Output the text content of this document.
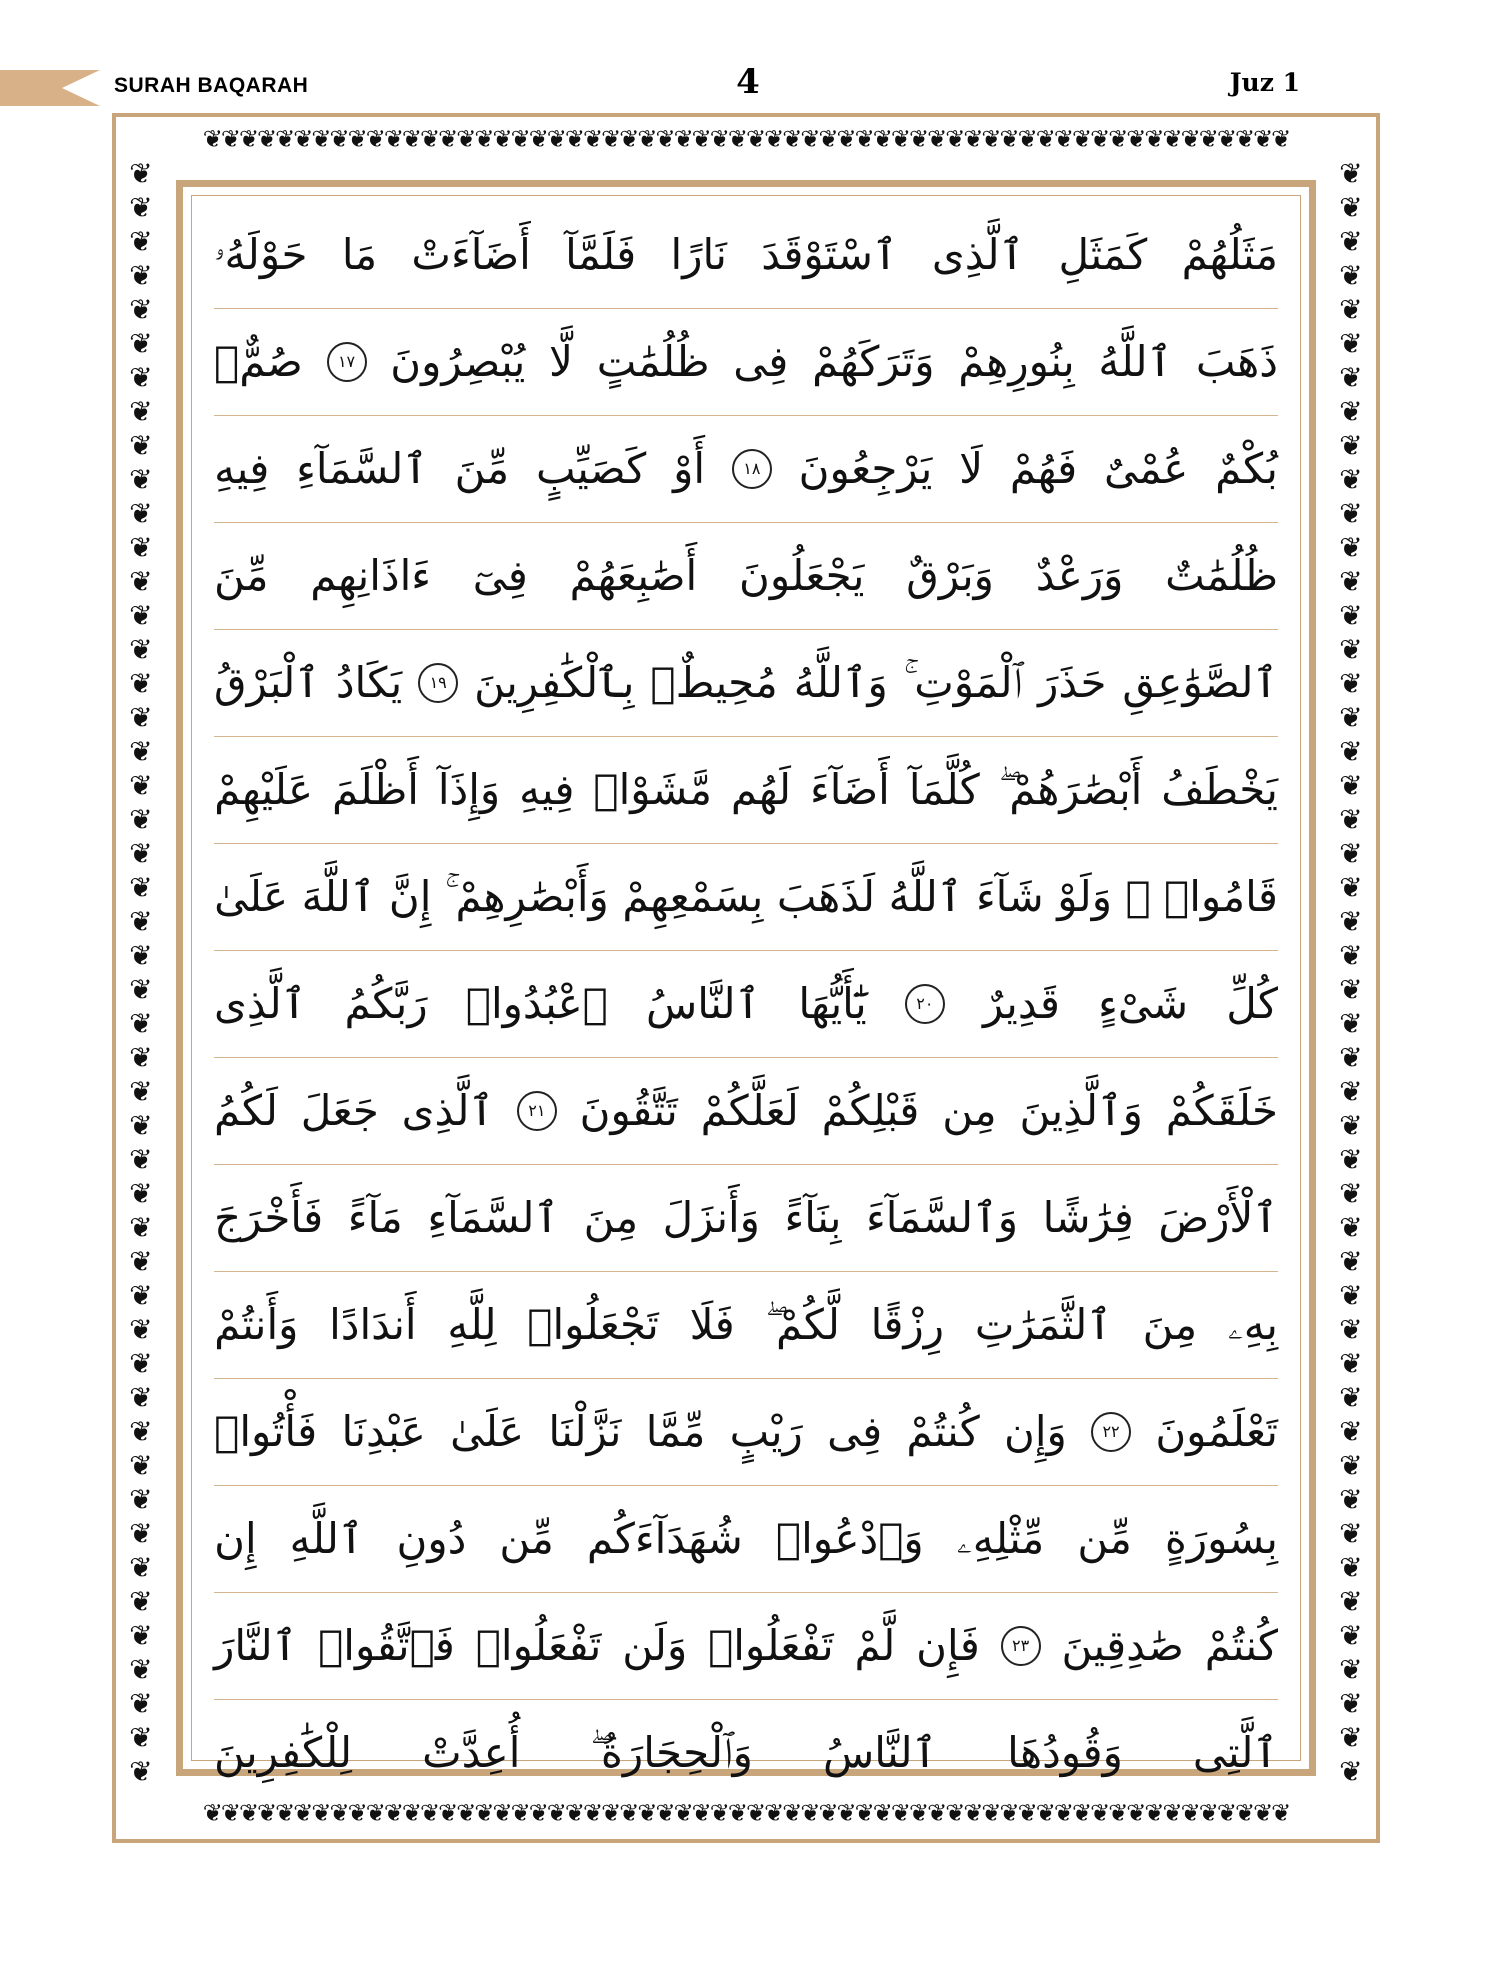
SURAH BAQARAH	4	Juz 1
❦❦❦❦❦❦❦❦❦❦❦❦❦❦❦❦❦❦❦❦❦❦❦❦❦❦❦❦❦❦❦❦❦❦❦❦❦❦❦❦❦❦❦❦❦❦❦❦❦❦❦❦❦❦❦❦❦❦❦❦
❦❦❦❦❦❦❦❦❦❦❦❦❦❦❦❦❦❦❦❦❦❦❦❦❦❦❦❦❦❦❦❦❦❦❦❦❦❦❦❦❦❦❦❦❦❦❦❦❦❦❦❦❦❦❦❦❦❦❦❦
❦❦❦❦❦❦❦❦❦❦❦❦❦❦❦❦❦❦❦❦❦❦❦❦❦❦❦❦❦❦❦❦❦❦❦❦❦❦❦❦❦❦❦❦❦❦❦❦
❦❦❦❦❦❦❦❦❦❦❦❦❦❦❦❦❦❦❦❦❦❦❦❦❦❦❦❦❦❦❦❦❦❦❦❦❦❦❦❦❦❦❦❦❦❦❦❦
مَثَلُهُمْ
كَمَثَلِ
ٱلَّذِى
ٱسْتَوْقَدَ
نَارًا
فَلَمَّآ
أَضَآءَتْ
مَا
حَوْلَهُۥ
ذَهَبَ
ٱللَّهُ
بِنُورِهِمْ
وَتَرَكَهُمْ
فِى
ظُلُمَٰتٍ
لَّا
يُبْصِرُونَ
١٧
صُمٌّۢ
بُكْمٌ
عُمْىٌ
فَهُمْ
لَا
يَرْجِعُونَ
١٨
أَوْ
كَصَيِّبٍ
مِّنَ
ٱلسَّمَآءِ
فِيهِ
ظُلُمَٰتٌ
وَرَعْدٌ
وَبَرْقٌ
يَجْعَلُونَ
أَصَٰبِعَهُمْ
فِىٓ
ءَاذَانِهِم
مِّنَ
ٱلصَّوَٰعِقِ
حَذَرَ
ٱلْمَوْتِ ۚ
وَٱللَّهُ
مُحِيطٌۢ
بِٱلْكَٰفِرِينَ
١٩
يَكَادُ
ٱلْبَرْقُ
يَخْطَفُ
أَبْصَٰرَهُمْ ۖ
كُلَّمَآ
أَضَآءَ
لَهُم
مَّشَوْا۟
فِيهِ
وَإِذَآ
أَظْلَمَ
عَلَيْهِمْ
قَامُوا۟ ۚ
وَلَوْ
شَآءَ
ٱللَّهُ
لَذَهَبَ
بِسَمْعِهِمْ
وَأَبْصَٰرِهِمْ ۚ
إِنَّ
ٱللَّهَ
عَلَىٰ
كُلِّ
شَىْءٍ
قَدِيرٌ
٢٠
يَٰٓأَيُّهَا
ٱلنَّاسُ
ٱعْبُدُوا۟
رَبَّكُمُ
ٱلَّذِى
خَلَقَكُمْ
وَٱلَّذِينَ
مِن
قَبْلِكُمْ
لَعَلَّكُمْ
تَتَّقُونَ
٢١
ٱلَّذِى
جَعَلَ
لَكُمُ
ٱلْأَرْضَ
فِرَٰشًا
وَٱلسَّمَآءَ
بِنَآءً
وَأَنزَلَ
مِنَ
ٱلسَّمَآءِ
مَآءً
فَأَخْرَجَ
بِهِۦ
مِنَ
ٱلثَّمَرَٰتِ
رِزْقًا
لَّكُمْ ۖ
فَلَا
تَجْعَلُوا۟
لِلَّهِ
أَندَادًا
وَأَنتُمْ
تَعْلَمُونَ
٢٢
وَإِن
كُنتُمْ
فِى
رَيْبٍ
مِّمَّا
نَزَّلْنَا
عَلَىٰ
عَبْدِنَا
فَأْتُوا۟
بِسُورَةٍ
مِّن
مِّثْلِهِۦ
وَٱدْعُوا۟
شُهَدَآءَكُم
مِّن
دُونِ
ٱللَّهِ
إِن
كُنتُمْ
صَٰدِقِينَ
٢٣
فَإِن
لَّمْ
تَفْعَلُوا۟
وَلَن
تَفْعَلُوا۟
فَٱتَّقُوا۟
ٱلنَّارَ
ٱلَّتِى
وَقُودُهَا
ٱلنَّاسُ
وَٱلْحِجَارَةُ ۖ
أُعِدَّتْ
لِلْكَٰفِرِينَ
